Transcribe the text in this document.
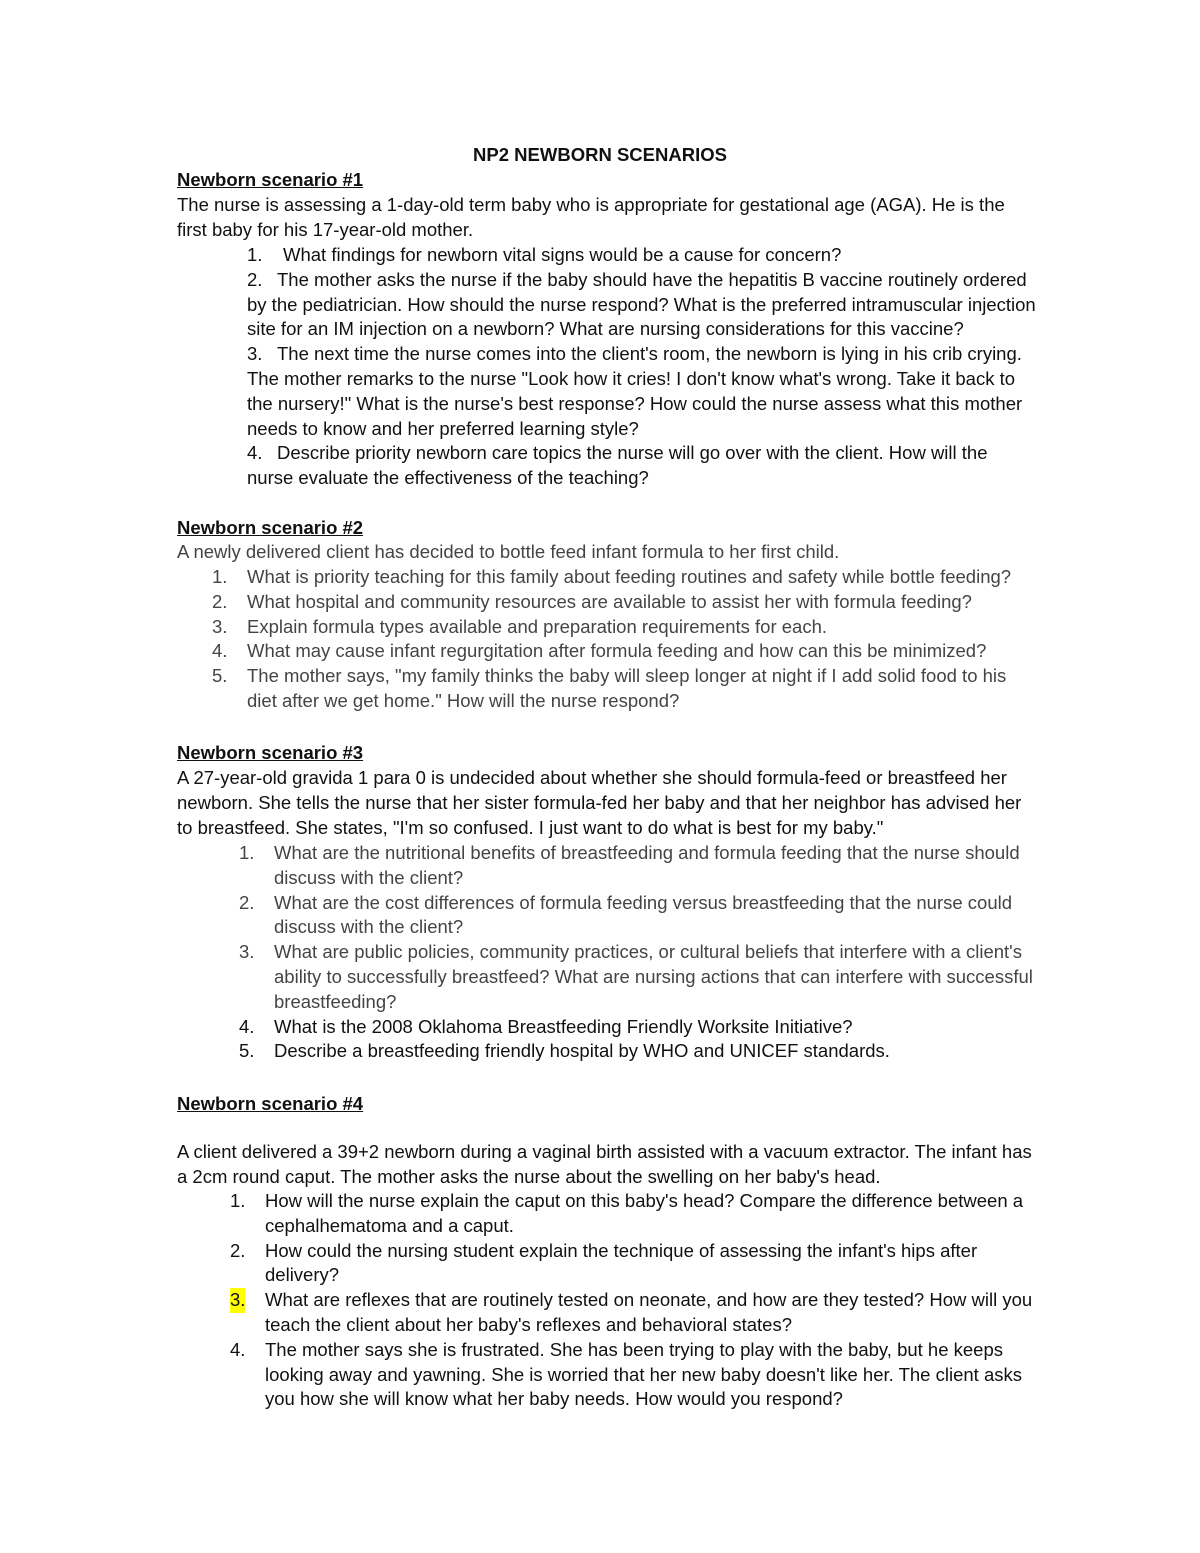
NP2 NEWBORN SCENARIOS
Newborn scenario #1
The nurse is assessing a 1-day-old term baby who is appropriate for gestational age (AGA). He is the first baby for his 17-year-old mother.
1.	What findings for newborn vital signs would be a cause for concern?
2. The mother asks the nurse if the baby should have the hepatitis B vaccine routinely ordered by the pediatrician. How should the nurse respond? What is the preferred intramuscular injection site for an IM injection on a newborn? What are nursing considerations for this vaccine?
3. The next time the nurse comes into the client's room, the newborn is lying in his crib crying. The mother remarks to the nurse "Look how it cries! I don't know what's wrong. Take it back to the nursery!" What is the nurse's best response? How could the nurse assess what this mother needs to know and her preferred learning style?
4. Describe priority newborn care topics the nurse will go over with the client. How will the nurse evaluate the effectiveness of the teaching?
Newborn scenario #2
A newly delivered client has decided to bottle feed infant formula to her first child.
1. What is priority teaching for this family about feeding routines and safety while bottle feeding?
2. What hospital and community resources are available to assist her with formula feeding?
3. Explain formula types available and preparation requirements for each.
4. What may cause infant regurgitation after formula feeding and how can this be minimized?
5. The mother says, "my family thinks the baby will sleep longer at night if I add solid food to his diet after we get home." How will the nurse respond?
Newborn scenario #3
A 27-year-old gravida 1 para 0 is undecided about whether she should formula-feed or breastfeed her newborn. She tells the nurse that her sister formula-fed her baby and that her neighbor has advised her to breastfeed. She states, "I'm so confused. I just want to do what is best for my baby."
1. What are the nutritional benefits of breastfeeding and formula feeding that the nurse should discuss with the client?
2. What are the cost differences of formula feeding versus breastfeeding that the nurse could discuss with the client?
3. What are public policies, community practices, or cultural beliefs that interfere with a client's ability to successfully breastfeed? What are nursing actions that can interfere with successful breastfeeding?
4. What is the 2008 Oklahoma Breastfeeding Friendly Worksite Initiative?
5. Describe a breastfeeding friendly hospital by WHO and UNICEF standards.
Newborn scenario #4
A client delivered a 39+2 newborn during a vaginal birth assisted with a vacuum extractor. The infant has a 2cm round caput. The mother asks the nurse about the swelling on her baby's head.
1. How will the nurse explain the caput on this baby's head? Compare the difference between a cephalhematoma and a caput.
2. How could the nursing student explain the technique of assessing the infant's hips after delivery?
3. What are reflexes that are routinely tested on neonate, and how are they tested? How will you teach the client about her baby's reflexes and behavioral states?
4. The mother says she is frustrated. She has been trying to play with the baby, but he keeps looking away and yawning. She is worried that her new baby doesn't like her. The client asks you how she will know what her baby needs. How would you respond?
